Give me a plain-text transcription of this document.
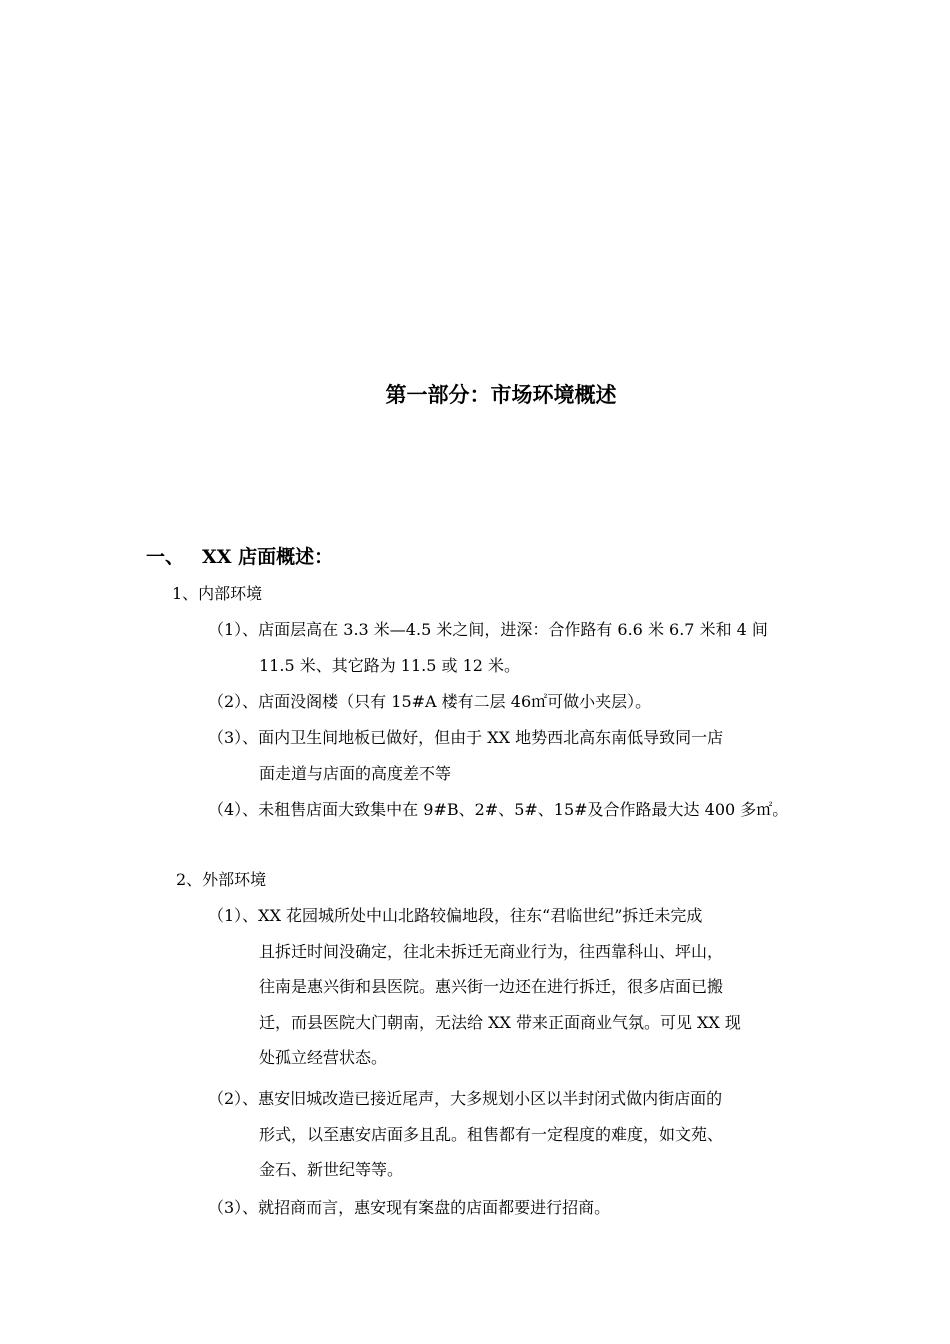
第一部分：市场环境概述
一、 XX 店面概述：
1、内部环境
（1）、店面层高在 3.3 米—4.5 米之间，进深：合作路有 6.6 米 6.7 米和 4 间
11.5 米、其它路为 11.5 或 12 米。
（2）、店面没阁楼（只有 15#A 楼有二层 46㎡可做小夹层）。
（3）、面内卫生间地板已做好，但由于 XX 地势西北高东南低导致同一店
面走道与店面的高度差不等
（4）、未租售店面大致集中在 9#B、2#、5#、15#及合作路最大达 400 多㎡。
2、外部环境
（1）、XX 花园城所处中山北路较偏地段，往东“君临世纪”拆迁未完成
且拆迁时间没确定，往北未拆迁无商业行为，往西靠科山、坪山，
往南是惠兴街和县医院。惠兴街一边还在进行拆迁，很多店面已搬
迁，而县医院大门朝南，无法给 XX 带来正面商业气氛。可见 XX 现
处孤立经营状态。
（2）、惠安旧城改造已接近尾声，大多规划小区以半封闭式做内街店面的
形式，以至惠安店面多且乱。租售都有一定程度的难度，如文苑、
金石、新世纪等等。
（3）、就招商而言，惠安现有案盘的店面都要进行招商。
